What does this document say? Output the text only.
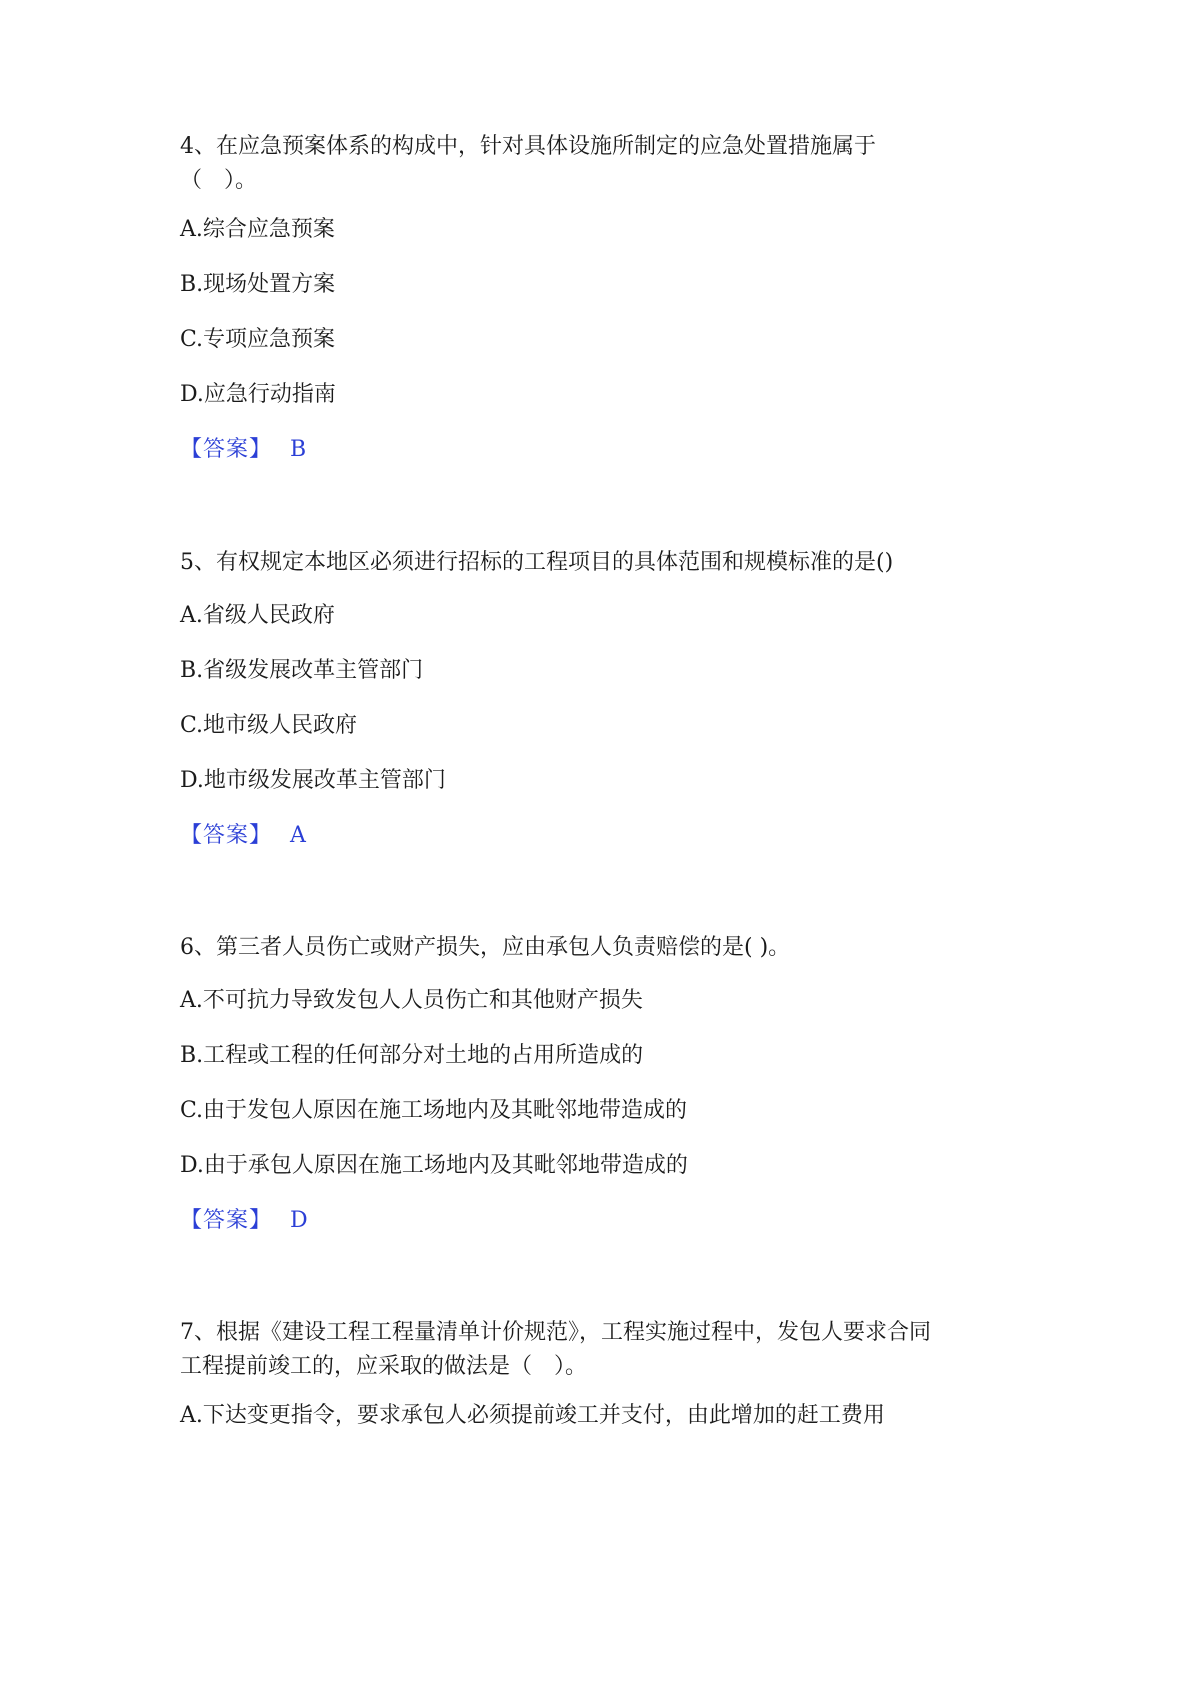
4、在应急预案体系的构成中，针对具体设施所制定的应急处置措施属于
（　）。

A.综合应急预案
B.现场处置方案
C.专项应急预案
D.应急行动指南
【答案】 B

5、有权规定本地区必须进行招标的工程项目的具体范围和规模标准的是()

A.省级人民政府
B.省级发展改革主管部门
C.地市级人民政府
D.地市级发展改革主管部门
【答案】 A

6、第三者人员伤亡或财产损失，应由承包人负责赔偿的是( )。

A.不可抗力导致发包人人员伤亡和其他财产损失
B.工程或工程的任何部分对土地的占用所造成的
C.由于发包人原因在施工场地内及其毗邻地带造成的
D.由于承包人原因在施工场地内及其毗邻地带造成的
【答案】 D

7、根据《建设工程工程量清单计价规范》，工程实施过程中，发包人要求合同
工程提前竣工的，应采取的做法是（　）。

A.下达变更指令，要求承包人必须提前竣工并支付，由此增加的赶工费用
